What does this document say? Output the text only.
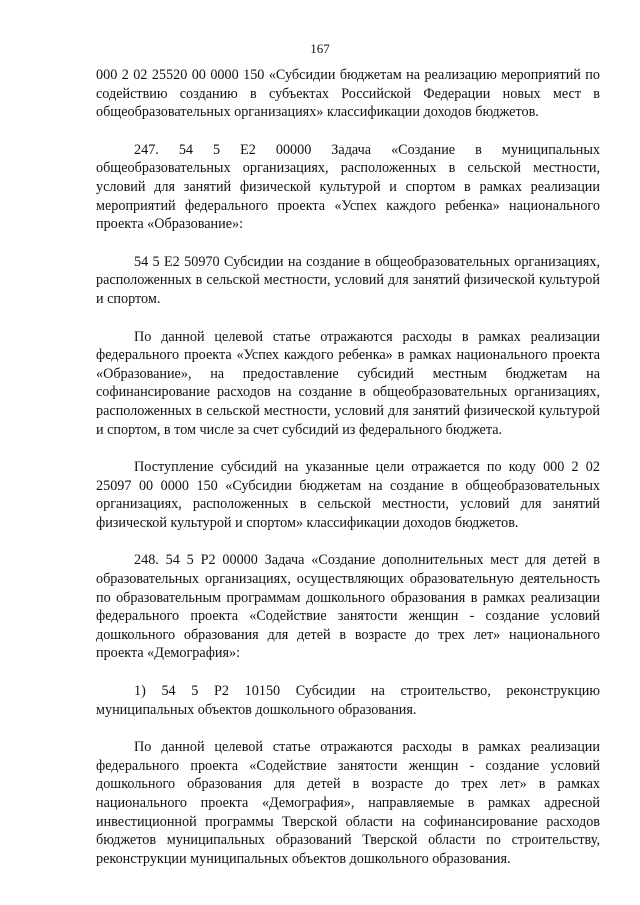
167

000 2 02 25520 00 0000 150 «Субсидии бюджетам на реализацию мероприятий по содействию созданию в субъектах Российской Федерации новых мест в общеобразовательных организациях» классификации доходов бюджетов.

247. 54 5 Е2 00000 Задача «Создание в муниципальных общеобразовательных организациях, расположенных в сельской местности, условий для занятий физической культурой и спортом в рамках реализации мероприятий федерального проекта «Успех каждого ребенка» национального проекта «Образование»:

54 5 Е2 50970 Субсидии на создание в общеобразовательных организациях, расположенных в сельской местности, условий для занятий физической культурой и спортом.

По данной целевой статье отражаются расходы в рамках реализации федерального проекта «Успех каждого ребенка» в рамках национального проекта «Образование», на предоставление субсидий местным бюджетам на софинансирование расходов на создание в общеобразовательных организациях, расположенных в сельской местности, условий для занятий физической культурой и спортом, в том числе за счет субсидий из федерального бюджета.

Поступление субсидий на указанные цели отражается по коду 000 2 02 25097 00 0000 150 «Субсидии бюджетам на создание в общеобразовательных организациях, расположенных в сельской местности, условий для занятий физической культурой и спортом» классификации доходов бюджетов.

248. 54 5 Р2 00000 Задача «Создание дополнительных мест для детей в образовательных организациях, осуществляющих образовательную деятельность по образовательным программам дошкольного образования в рамках реализации федерального проекта «Содействие занятости женщин - создание условий дошкольного образования для детей в возрасте до трех лет» национального проекта «Демография»:

1) 54 5 Р2 10150 Субсидии на строительство, реконструкцию муниципальных объектов дошкольного образования.

По данной целевой статье отражаются расходы в рамках реализации федерального проекта «Содействие занятости женщин - создание условий дошкольного образования для детей в возрасте до трех лет» в рамках национального проекта «Демография», направляемые в рамках адресной инвестиционной программы Тверской области на софинансирование расходов бюджетов муниципальных образований Тверской области по строительству, реконструкции муниципальных объектов дошкольного образования.
